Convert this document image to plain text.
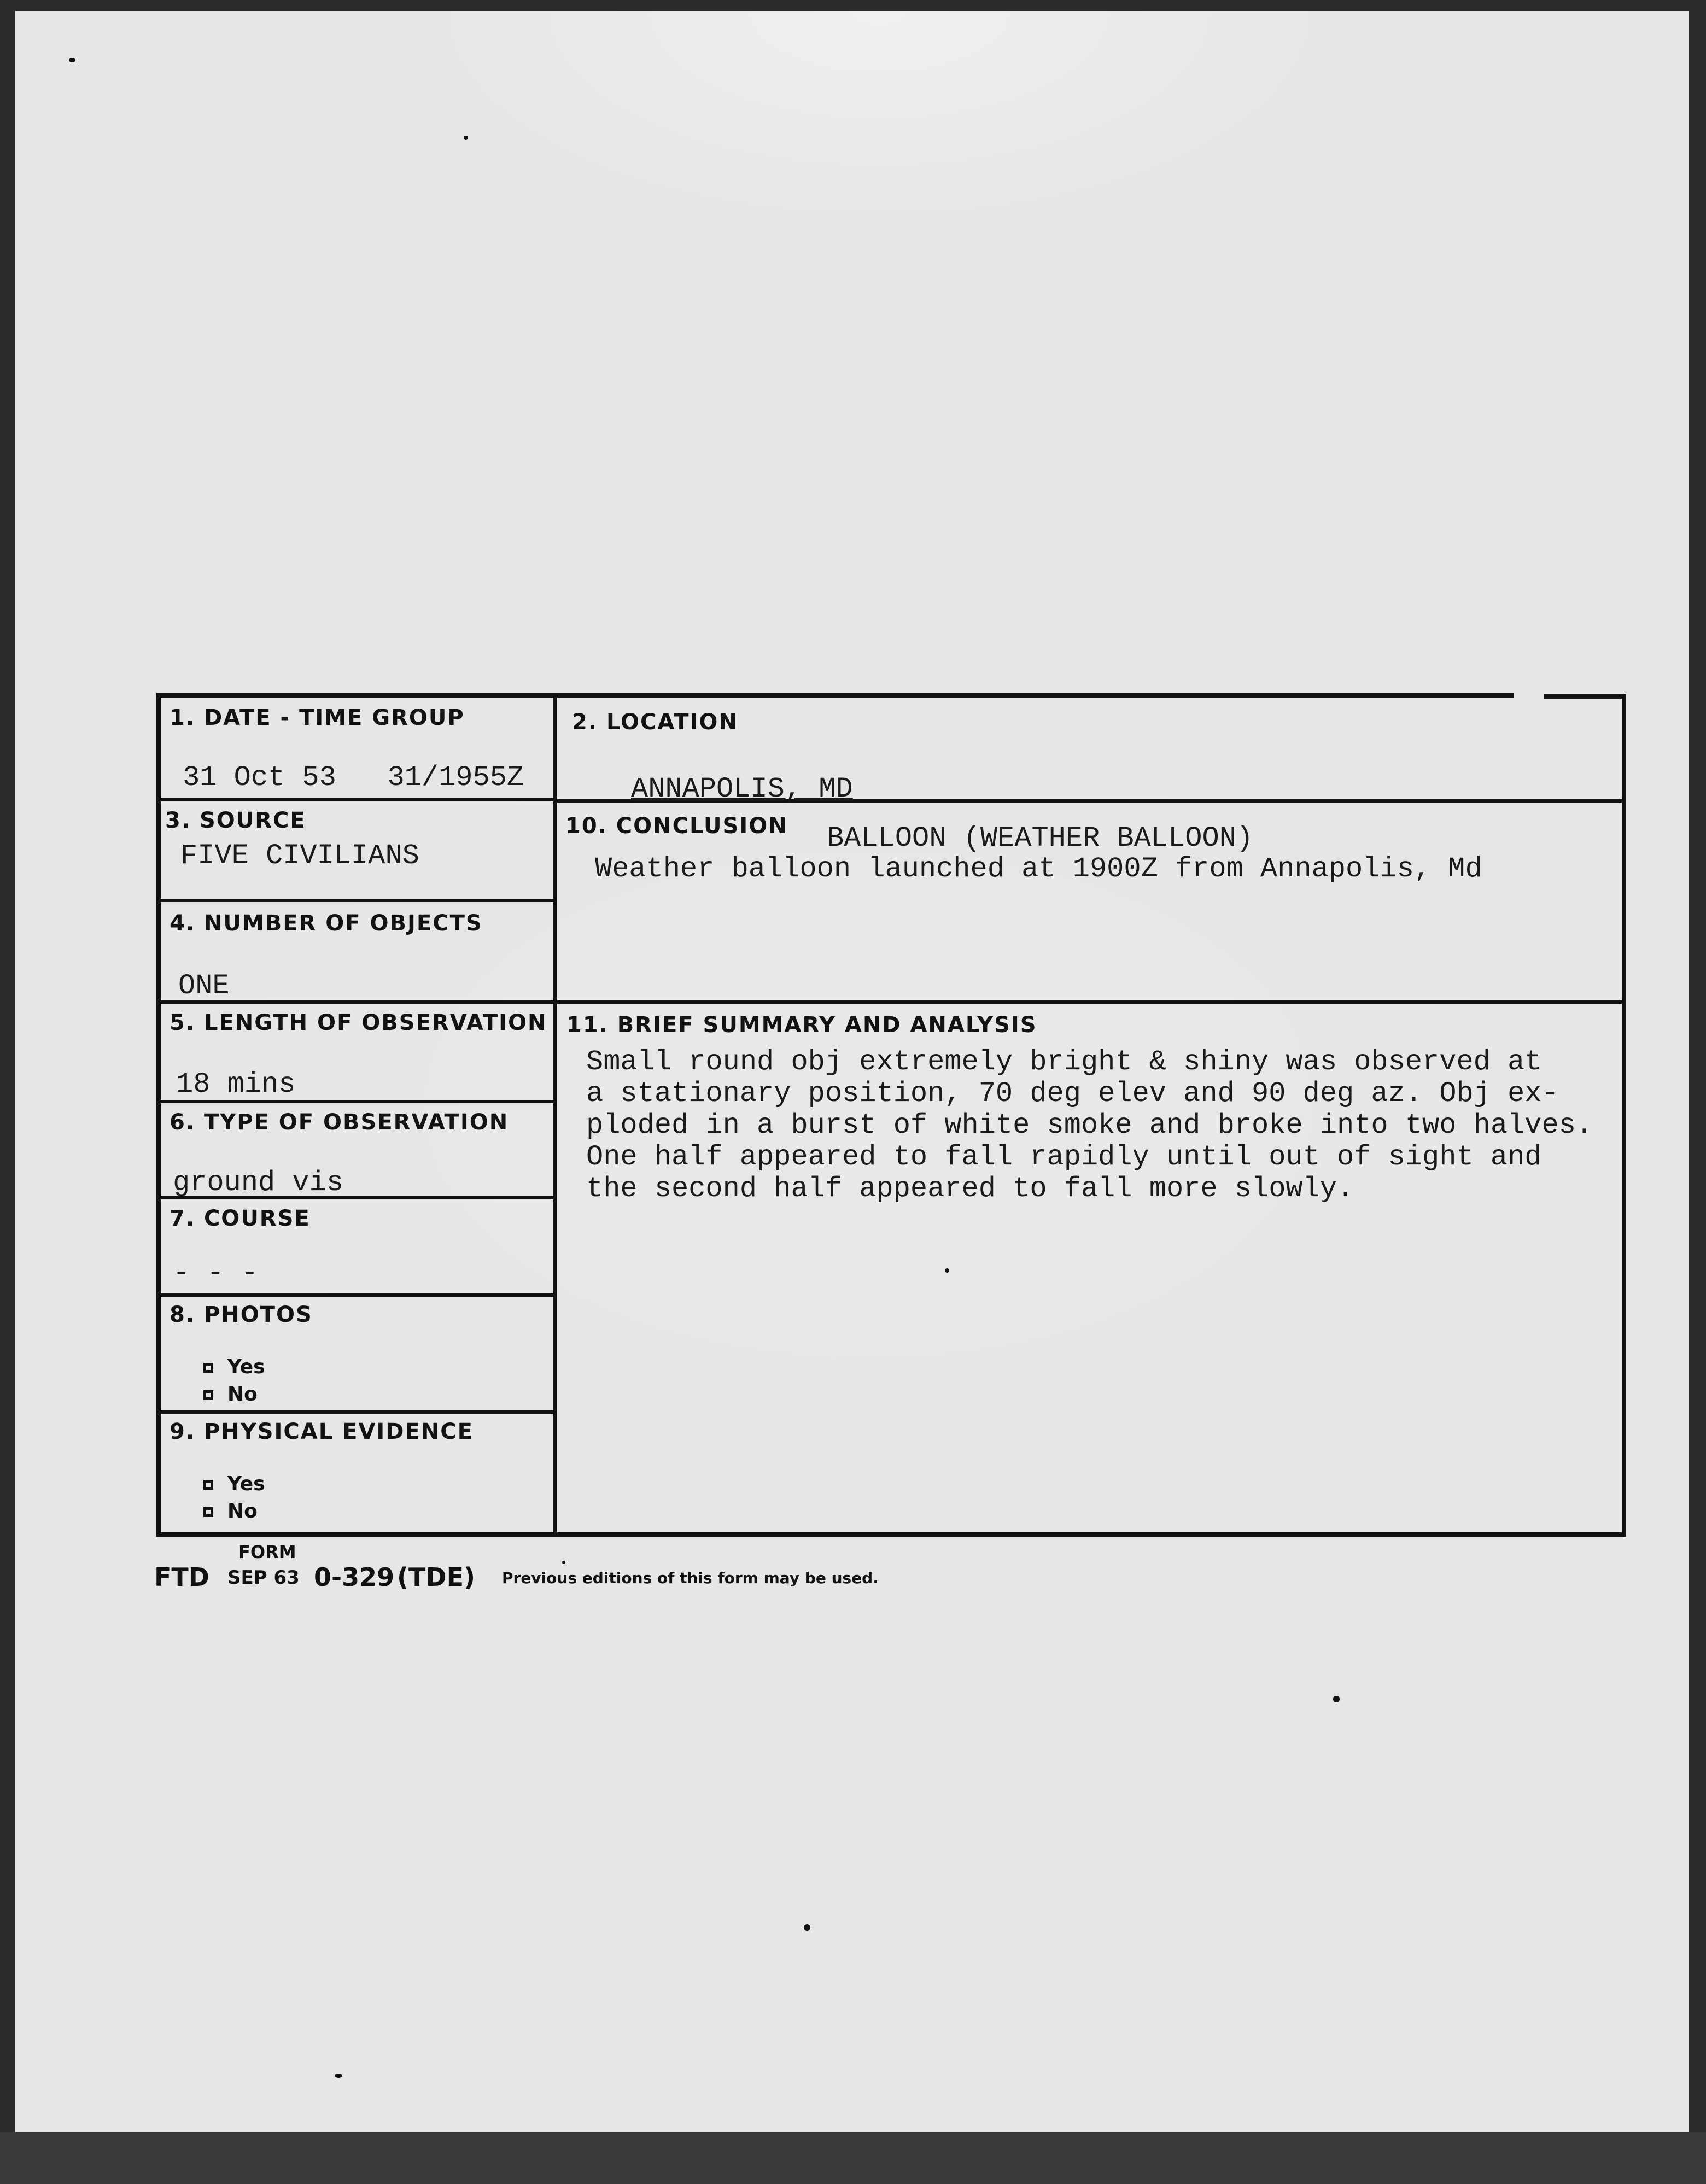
1. DATE - TIME GROUP
31 Oct 53   31/1955Z
2. LOCATION
ANNAPOLIS, MD
3. SOURCE
FIVE CIVILIANS
4. NUMBER OF OBJECTS
ONE
5. LENGTH OF OBSERVATION
18 mins
6. TYPE OF OBSERVATION
ground vis
7. COURSE
- - -
8. PHOTOS
Yes
No
9. PHYSICAL EVIDENCE
Yes
No
10. CONCLUSION BALLOON (WEATHER BALLOON)
Weather balloon launched at 1900Z from Annapolis, Md
11. BRIEF SUMMARY AND ANALYSIS
Small round obj extremely bright & shiny was observed at
a stationary position, 70 deg elev and 90 deg az. Obj ex-
ploded in a burst of white smoke and broke into two halves.
One half appeared to fall rapidly until out of sight and
the second half appeared to fall more slowly.
FORM
FTD SEP 63 0-329 (TDE) Previous editions of this form may be used.
